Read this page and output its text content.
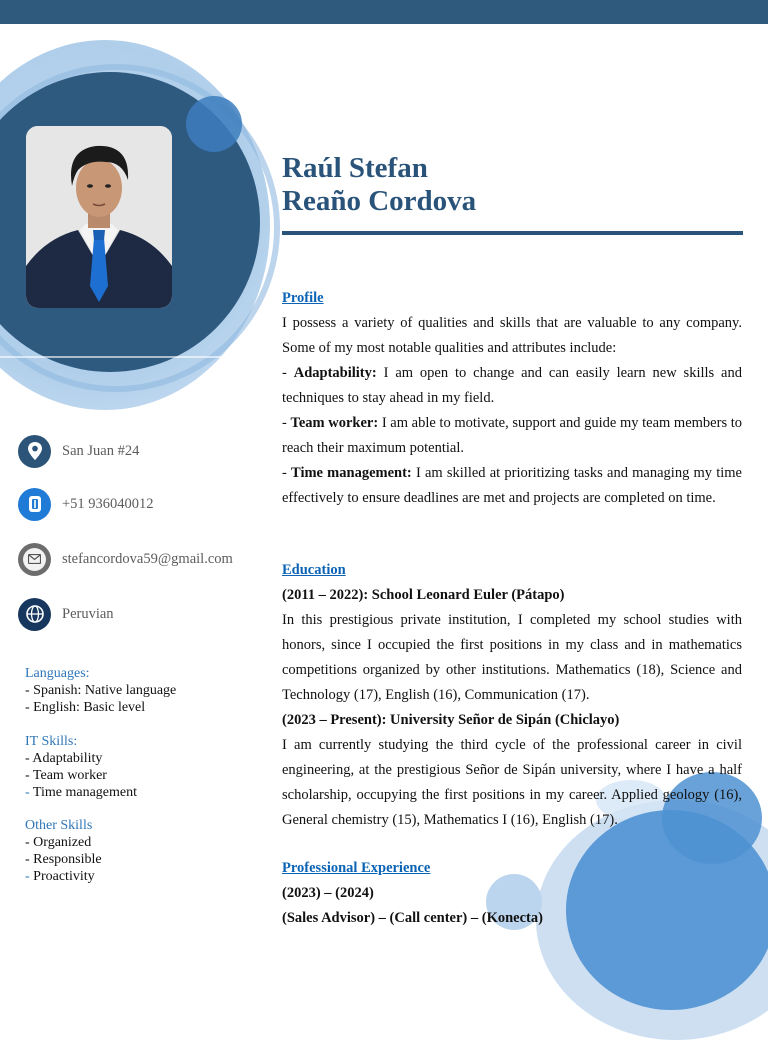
Raúl Stefan
Reaño Cordova
San Juan #24
+51 936040012
stefancordova59@gmail.com
Peruvian
Languages:
- Spanish: Native language
- English: Basic level
IT Skills:
- Adaptability
- Team worker
- Time management
Other Skills
- Organized
- Responsible
- Proactivity
Profile

I possess a variety of qualities and skills that are valuable to any company. Some of my most notable qualities and attributes include:

- Adaptability: I am open to change and can easily learn new skills and techniques to stay ahead in my field.

- Team worker: I am able to motivate, support and guide my team members to reach their maximum potential.

- Time management: I am skilled at prioritizing tasks and managing my time effectively to ensure deadlines are met and projects are completed on time.

Education
(2011 – 2022): School Leonard Euler (Pátapo)

In this prestigious private institution, I completed my school studies with honors, since I occupied the first positions in my class and in mathematics competitions organized by other institutions. Mathematics (18), Science and Technology (17), English (16), Communication (17).

(2023 – Present): University Señor de Sipán (Chiclayo)

I am currently studying the third cycle of the professional career in civil engineering, at the prestigious Señor de Sipán university, where I have a half scholarship, occupying the first positions in my career. Applied geology (16), General chemistry (15), Mathematics I (16), English (17).

Professional Experience
(2023) – (2024)
(Sales Advisor) – (Call center) – (Konecta)
